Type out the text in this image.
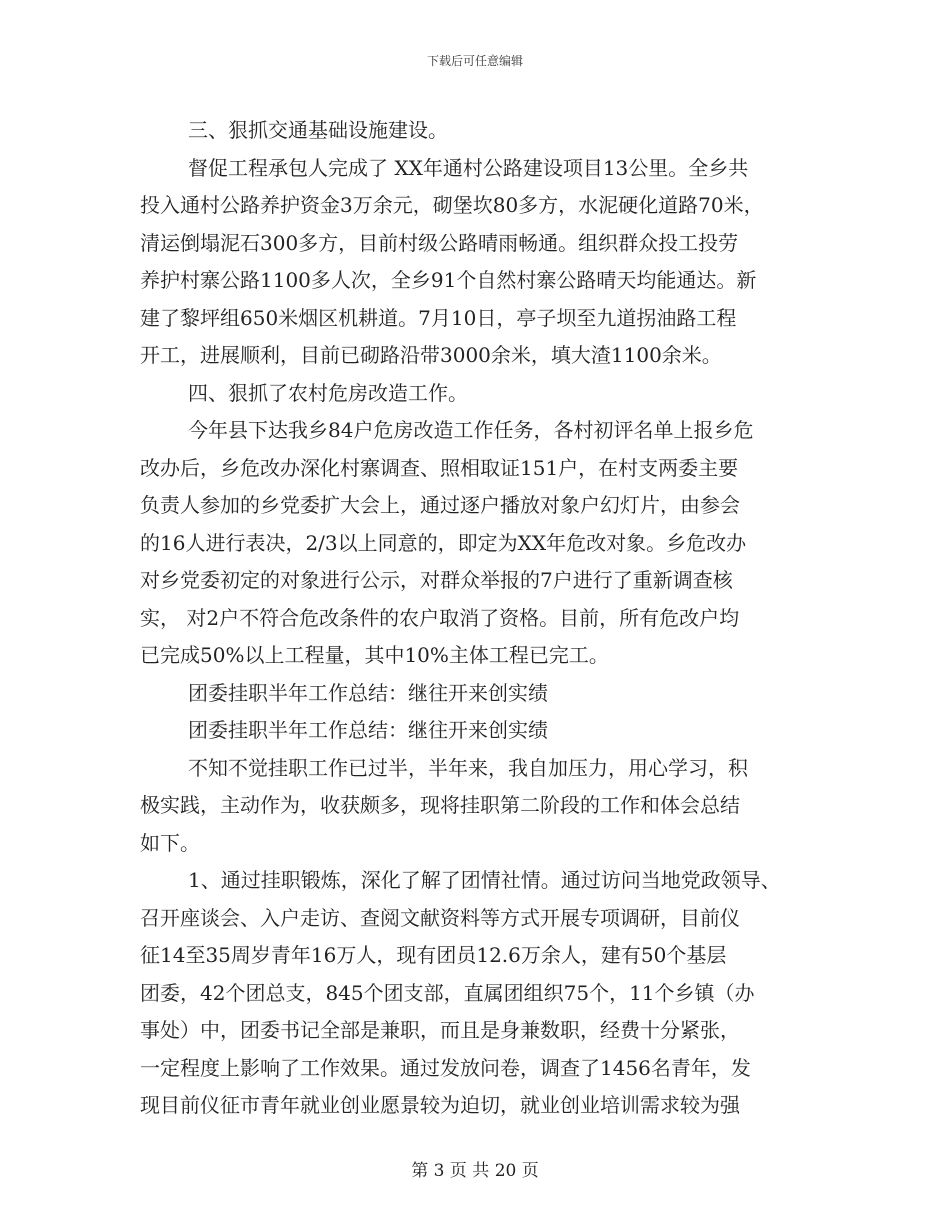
下载后可任意编辑
三、狠抓交通基础设施建设。
督促工程承包人完成了 XX年通村公路建设项目13公里。全乡共
投入通村公路养护资金3万余元，砌堡坎80多方，水泥硬化道路70米，
清运倒塌泥石300多方，目前村级公路晴雨畅通。组织群众投工投劳
养护村寨公路1100多人次，全乡91个自然村寨公路晴天均能通达。新
建了黎坪组650米烟区机耕道。7月10日，亭子坝至九道拐油路工程
开工，进展顺利，目前已砌路沿带3000余米，填大渣1100余米。
四、狠抓了农村危房改造工作。
今年县下达我乡84户危房改造工作任务，各村初评名单上报乡危
改办后，乡危改办深化村寨调查、照相取证151户，在村支两委主要
负责人参加的乡党委扩大会上，通过逐户播放对象户幻灯片，由参会
的16人进行表决，2/3以上同意的，即定为XX年危改对象。乡危改办
对乡党委初定的对象进行公示，对群众举报的7户进行了重新调查核
实， 对2户不符合危改条件的农户取消了资格。目前，所有危改户均
已完成50%以上工程量，其中10%主体工程已完工。
团委挂职半年工作总结：继往开来创实绩
团委挂职半年工作总结：继往开来创实绩
不知不觉挂职工作已过半，半年来，我自加压力，用心学习，积
极实践，主动作为，收获颇多，现将挂职第二阶段的工作和体会总结
如下。
1、通过挂职锻炼，深化了解了团情社情。通过访问当地党政领导、
召开座谈会、入户走访、查阅文献资料等方式开展专项调研，目前仪
征14至35周岁青年16万人，现有团员12.6万余人，建有50个基层
团委，42个团总支，845个团支部，直属团组织75个，11个乡镇（办
事处）中，团委书记全部是兼职，而且是身兼数职，经费十分紧张，
一定程度上影响了工作效果。通过发放问卷，调查了1456名青年，发
现目前仪征市青年就业创业愿景较为迫切，就业创业培训需求较为强
第 3 页 共 20 页
